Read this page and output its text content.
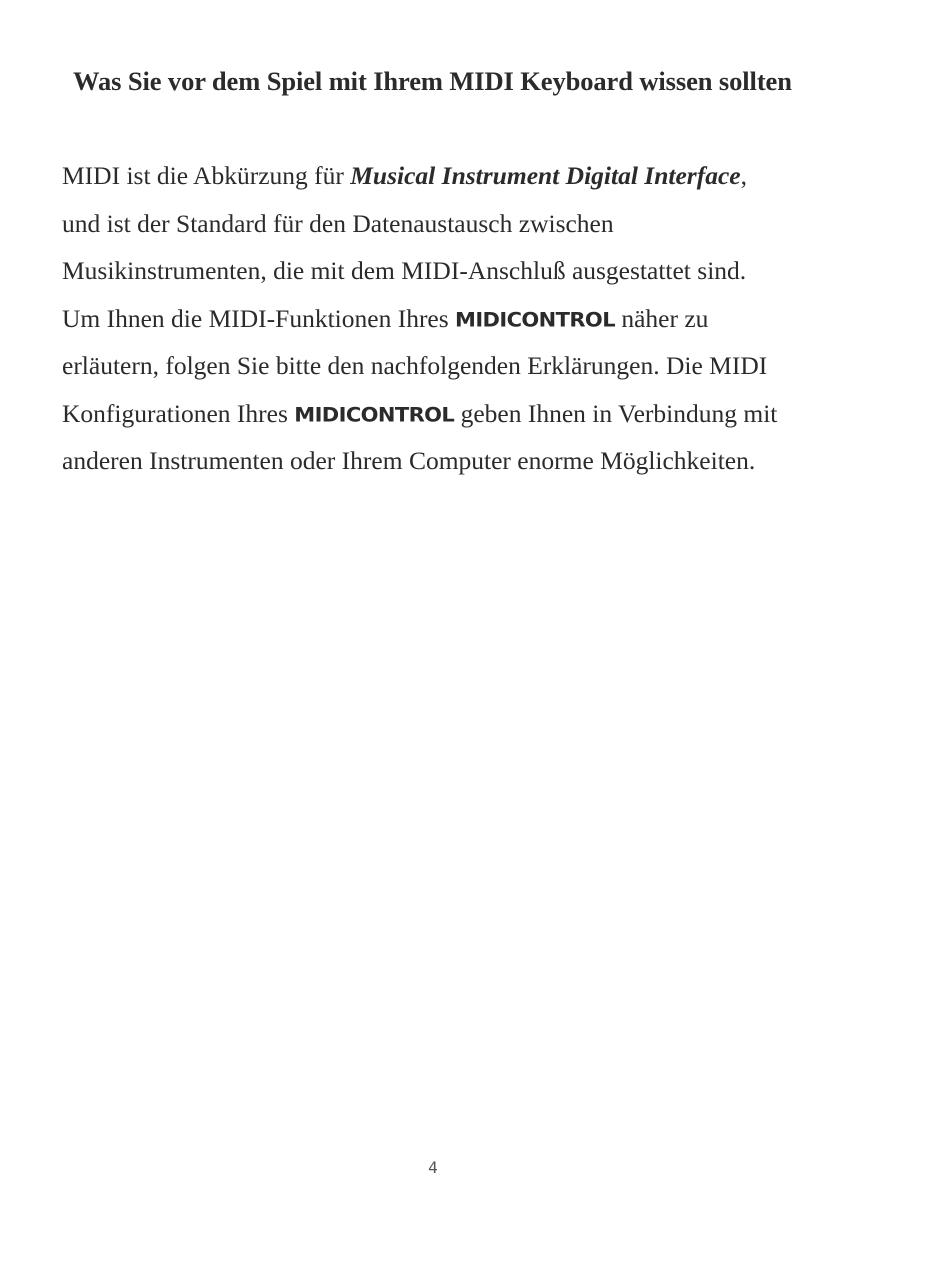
Was Sie vor dem Spiel mit Ihrem MIDI Keyboard wissen sollten

MIDI ist die Abkürzung für Musical Instrument Digital Interface,
und ist der Standard für den Datenaustausch zwischen
Musikinstrumenten, die mit dem MIDI-Anschluß ausgestattet sind.
Um Ihnen die MIDI-Funktionen Ihres MIDICONTROL näher zu
erläutern, folgen Sie bitte den nachfolgenden Erklärungen. Die MIDI
Konfigurationen Ihres MIDICONTROL geben Ihnen in Verbindung mit
anderen Instrumenten oder Ihrem Computer enorme Möglichkeiten.

4
